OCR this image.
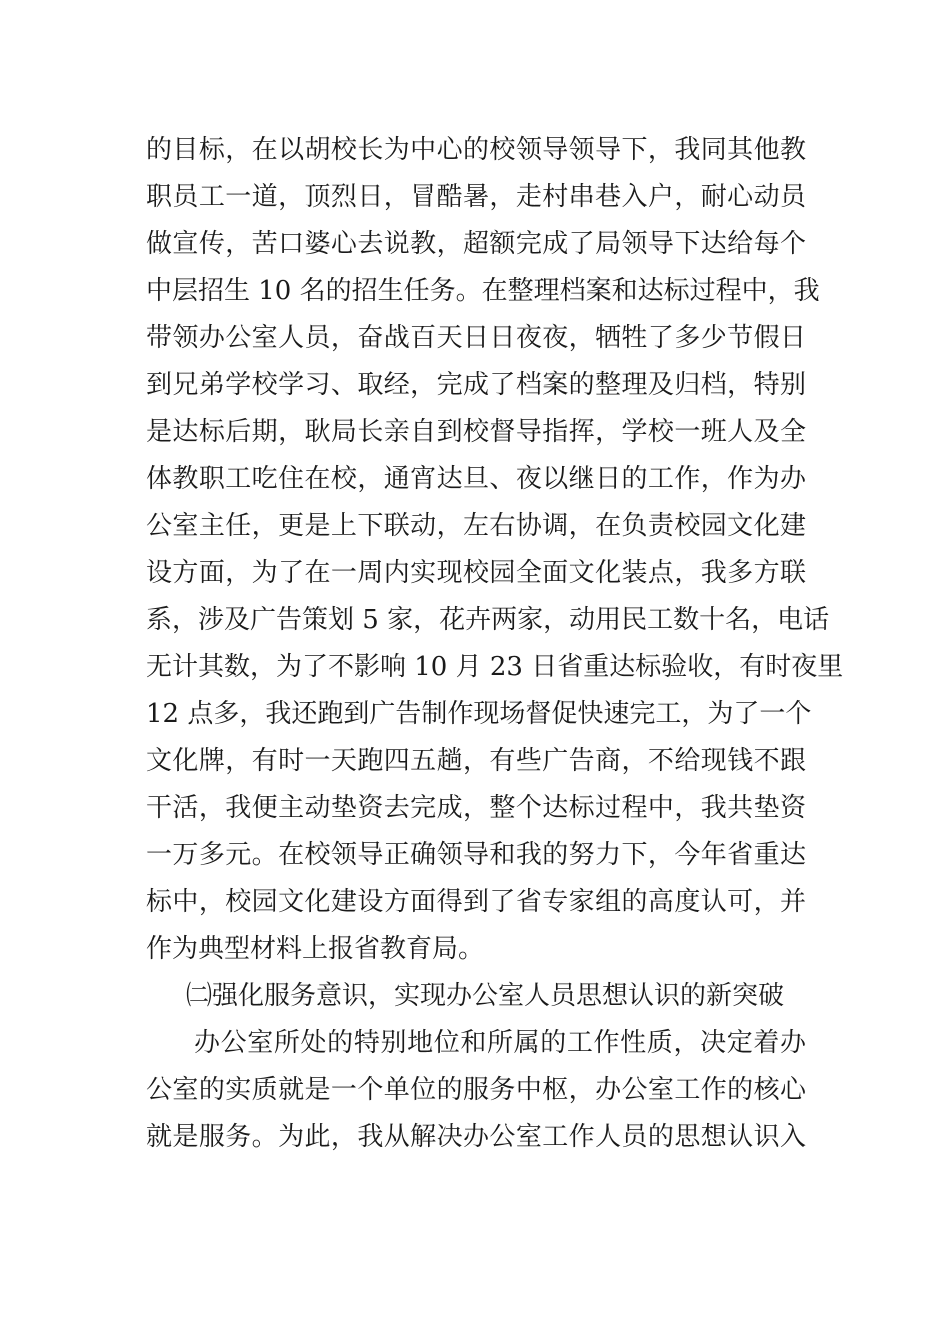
的目标，在以胡校长为中心的校领导领导下，我同其他教
职员工一道，顶烈日，冒酷暑，走村串巷入户，耐心动员
做宣传，苦口婆心去说教，超额完成了局领导下达给每个
中层招生 10 名的招生任务。在整理档案和达标过程中，我
带领办公室人员，奋战百天日日夜夜，牺牲了多少节假日
到兄弟学校学习、取经，完成了档案的整理及归档，特别
是达标后期，耿局长亲自到校督导指挥，学校一班人及全
体教职工吃住在校，通宵达旦、夜以继日的工作，作为办
公室主任，更是上下联动，左右协调，在负责校园文化建
设方面，为了在一周内实现校园全面文化装点，我多方联
系，涉及广告策划 5 家，花卉两家，动用民工数十名，电话
无计其数，为了不影响 10 月 23 日省重达标验收，有时夜里
12 点多，我还跑到广告制作现场督促快速完工，为了一个
文化牌，有时一天跑四五趟，有些广告商，不给现钱不跟
干活，我便主动垫资去完成，整个达标过程中，我共垫资
一万多元。在校领导正确领导和我的努力下，今年省重达
标中，校园文化建设方面得到了省专家组的高度认可，并
作为典型材料上报省教育局。
㈡强化服务意识，实现办公室人员思想认识的新突破
办公室所处的特别地位和所属的工作性质，决定着办
公室的实质就是一个单位的服务中枢，办公室工作的核心
就是服务。为此，我从解决办公室工作人员的思想认识入
